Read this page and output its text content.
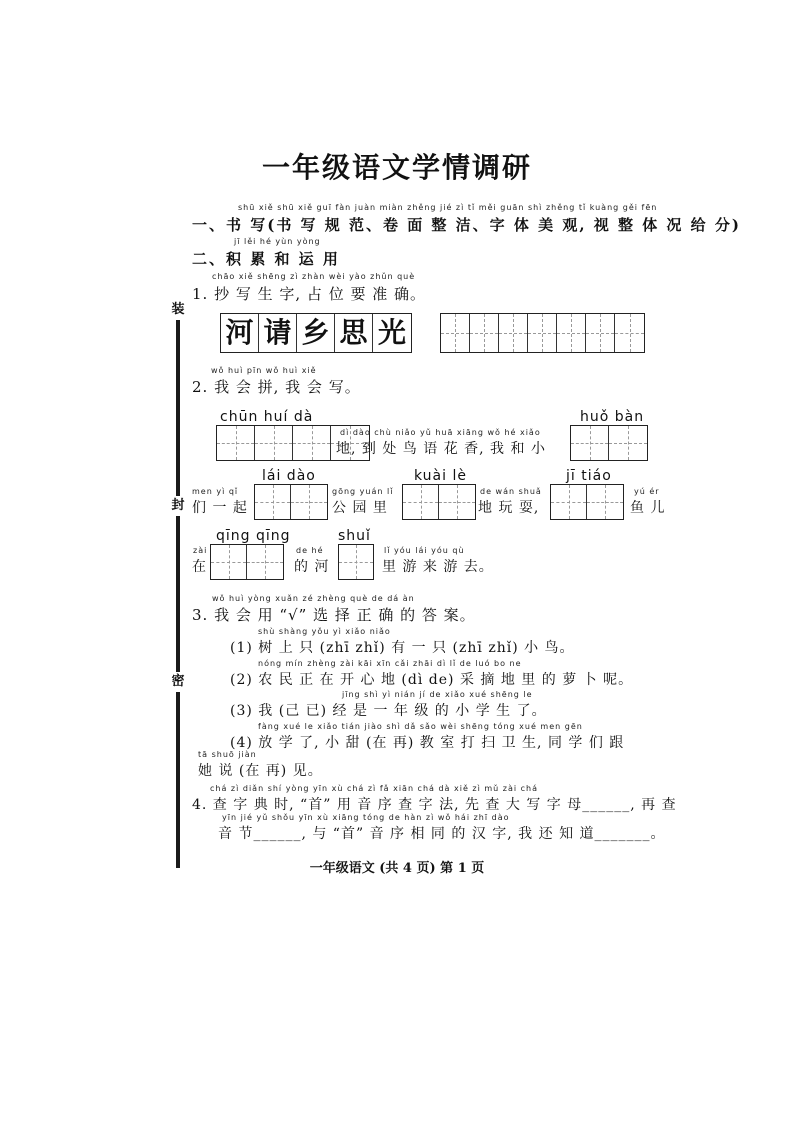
装
封
密
一年级语文学情调研
shū xiě shū xiě guī fàn juàn miàn zhěng jié zì tǐ měi guān shì zhěng tǐ kuàng gěi fēn
一、书 写(书 写 规 范、卷 面 整 洁、字 体 美 观, 视 整 体 况 给 分)
jī lěi hé yùn yòng
二、积 累 和 运 用
chāo xiě shēng zì zhàn wèi yào zhǔn què
1. 抄 写 生 字, 占 位 要 准 确。
河 请 乡 思 光
wǒ huì pīn wǒ huì xiě
2. 我 会 拼, 我 会 写。
chūn huí dà
dì dào chù niǎo yǔ huā xiāng wǒ hé xiǎo
地, 到 处 鸟 语 花 香, 我 和 小
huǒ bàn
lái dào	kuài lè	jī tiáo
men yì qǐ
们 一 起
gōng yuán lǐ
公 园 里
de wán shuǎ
地 玩 耍,
yú ér
鱼 儿
qīng qīng	shuǐ
zài
在
de hé
的 河
lǐ yóu lái yóu qù
里 游 来 游 去。
wǒ huì yòng xuǎn zé zhèng què de dá àn
3. 我 会 用 “√” 选 择 正 确 的 答 案。
shù shàng yǒu yì xiǎo niǎo
(1) 树 上 只 (zhī zhǐ) 有 一 只 (zhī zhǐ) 小 鸟。
nóng mín zhèng zài kāi xīn cǎi zhāi dì lǐ de luó bo ne
(2) 农 民 正 在 开 心 地 (dì de) 采 摘 地 里 的 萝 卜 呢。
jīng shì yì nián jí de xiǎo xué shēng le
(3) 我 (己 已) 经 是 一 年 级 的 小 学 生 了。
fàng xué le xiǎo tián jiào shì dǎ sǎo wèi shēng tóng xué men gēn
(4) 放 学 了, 小 甜 (在 再) 教 室 打 扫 卫 生, 同 学 们 跟
tā shuō jiàn
她 说 (在 再) 见。
chá zì diǎn shí yòng yīn xù chá zì fǎ xiān chá dà xiě zì mǔ zài chá
4. 查 字 典 时, “首” 用 音 序 查 字 法, 先 查 大 写 字 母______, 再 查
yīn jié yǔ shǒu yīn xù xiāng tóng de hàn zì wǒ hái zhī dào
音 节______, 与 “首” 音 序 相 同 的 汉 字, 我 还 知 道_______。
一年级语文 (共 4 页) 第 1 页
